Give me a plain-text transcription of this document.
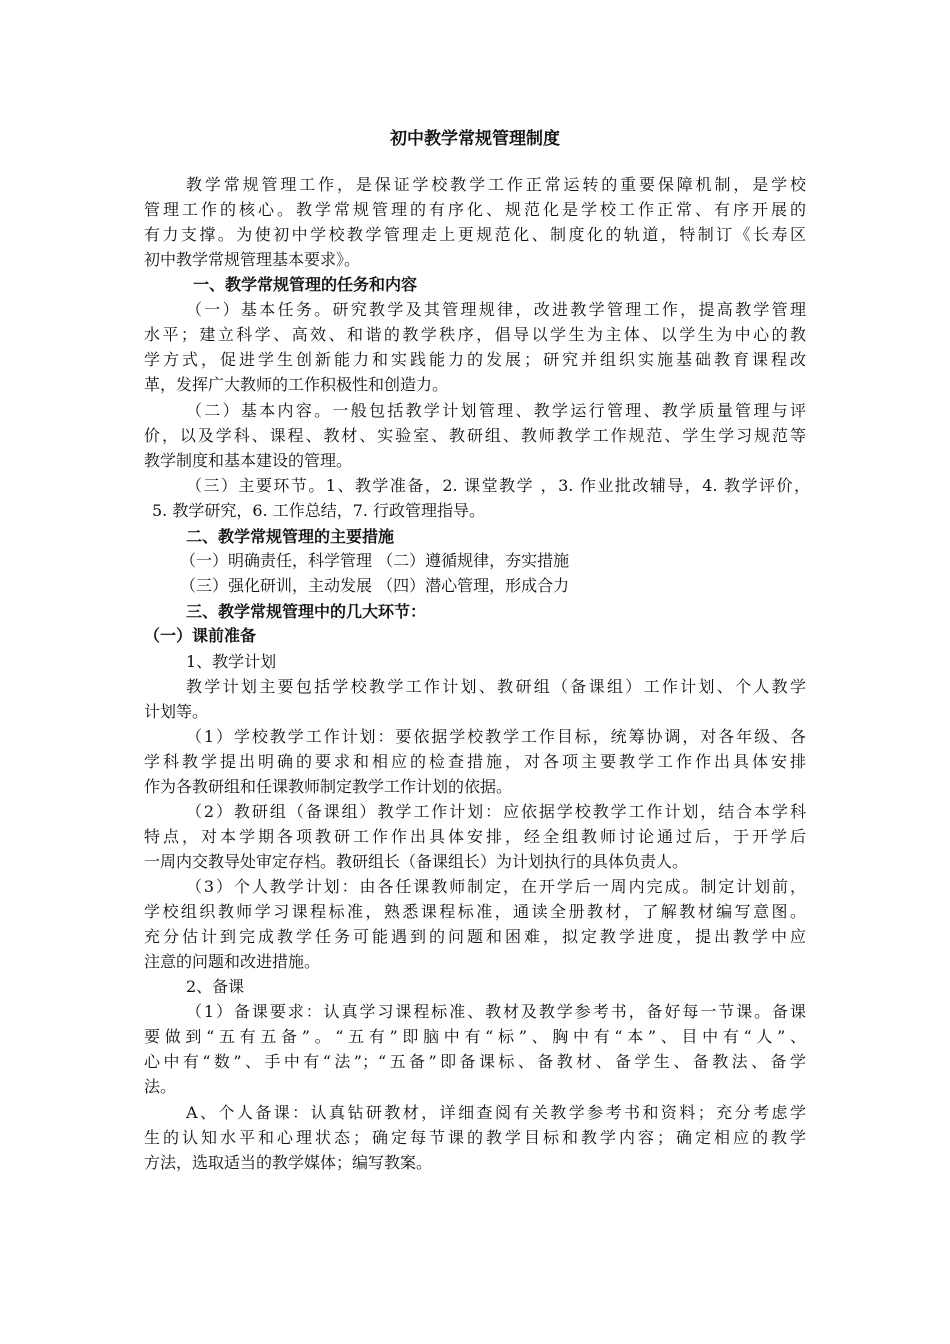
初中教学常规管理制度
教学常规管理工作，是保证学校教学工作正常运转的重要保障机制，是学校
管理工作的核心。教学常规管理的有序化、规范化是学校工作正常、有序开展的
有力支撑。为使初中学校教学管理走上更规范化、制度化的轨道，特制订《长寿区
初中教学常规管理基本要求》。
一、教学常规管理的任务和内容
（一）基本任务。研究教学及其管理规律，改进教学管理工作，提高教学管理
水平；建立科学、高效、和谐的教学秩序，倡导以学生为主体、以学生为中心的教
学方式，促进学生创新能力和实践能力的发展；研究并组织实施基础教育课程改
革，发挥广大教师的工作积极性和创造力。
（二）基本内容。一般包括教学计划管理、教学运行管理、教学质量管理与评
价，以及学科、课程、教材、实验室、教研组、教师教学工作规范、学生学习规范等
教学制度和基本建设的管理。
（三）主要环节。1、教学准备，2. 课堂教学 ，3. 作业批改辅导，4. 教学评价，
5. 教学研究，6. 工作总结，7. 行政管理指导。
二、教学常规管理的主要措施
（一）明确责任，科学管理 （二）遵循规律，夯实措施
（三）强化研训，主动发展 （四）潜心管理，形成合力
三、教学常规管理中的几大环节：
（一）课前准备
1、教学计划
教学计划主要包括学校教学工作计划、教研组（备课组）工作计划、个人教学
计划等。
（1）学校教学工作计划：要依据学校教学工作目标，统筹协调，对各年级、各
学科教学提出明确的要求和相应的检查措施，对各项主要教学工作作出具体安排
作为各教研组和任课教师制定教学工作计划的依据。
（2）教研组（备课组）教学工作计划：应依据学校教学工作计划，结合本学科
特点，对本学期各项教研工作作出具体安排，经全组教师讨论通过后，于开学后
一周内交教导处审定存档。教研组长（备课组长）为计划执行的具体负责人。
（3）个人教学计划：由各任课教师制定，在开学后一周内完成。制定计划前，
学校组织教师学习课程标准，熟悉课程标准，通读全册教材，了解教材编写意图。
充分估计到完成教学任务可能遇到的问题和困难，拟定教学进度，提出教学中应
注意的问题和改进措施。
2、备课
（1）备课要求：认真学习课程标准、教材及教学参考书，备好每一节课。备课
要做到“五有五备”。“五有”即脑中有“标”、胸中有“本”、目中有“人”、
心中有“数”、手中有“法”；“五备”即备课标、备教材、备学生、备教法、备学
法。
A、个人备课：认真钻研教材，详细查阅有关教学参考书和资料；充分考虑学
生的认知水平和心理状态；确定每节课的教学目标和教学内容；确定相应的教学
方法，选取适当的教学媒体；编写教案。
